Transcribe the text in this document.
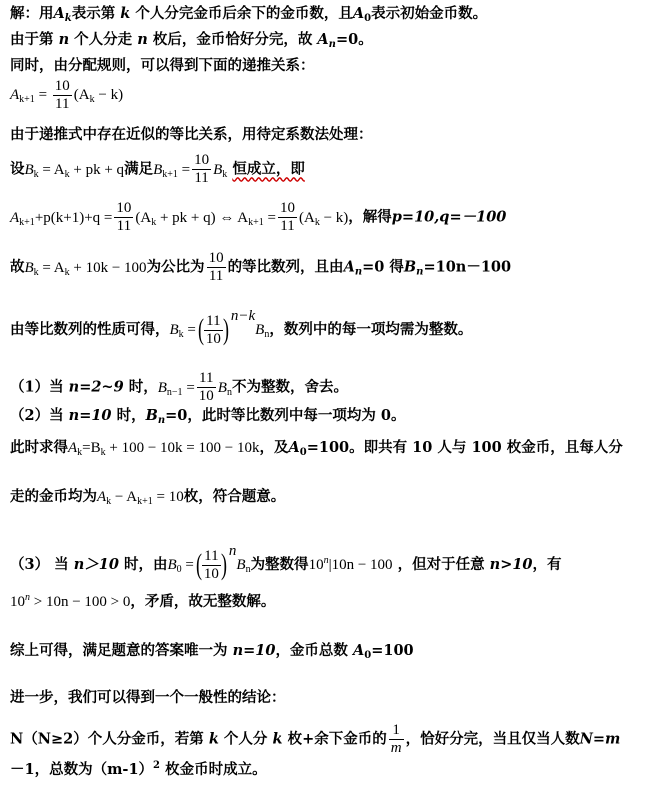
解：用$A_k$表示第 k 个人分完金币后余下的金币数，且$A_0$表示初始金币数。
由于第 n 个人分走 n 枚后，金币恰好分完，故 $A_n=0$。
同时，由分配规则，可以得到下面的递推关系：
$A_{k+1} = \frac{10}{11} (A_k - k)$
由于递推式中存在近似的等比关系，用待定系数法处理：
设$B_k = A_k$ + pk + q满足$B_{k+1} = \frac{10}{11} B_k$ 恒成立，即
$A_{k+1}+p(k+1)+q = \frac{10}{11} (A_k$ + pk + q) ⇔ $A_{k+1} = \frac{10}{11} (A_k - k)$，解得p=10,q=－100
故$B_k = A_k + 10k - 100$为公比为 $\frac{10}{11}$ 的等比数列，且由$A_n=0$ 得$B_n=10n-100$
由等比数列的性质可得，$B_k$ =( $\frac{11}{10}$ ) $^{n-k}B_n$，数列中的每一项均需为整数。
（1）当 n=2~9 时，$B_{n-1} = \frac{11}{10} B_n$不为整数，舍去。
（2）当 n=10 时，$B_n=0$，此时等比数列中每一项均为 0。
此时求得$A_k=B_k + 100 - 10k = 100 - 10k$，及$A_0=100$。即共有 10 人与 100 枚金币，且每人分
走的金币均为$A_k - A_{k+1} = 10$枚，符合题意。
（3） 当 n＞10 时，由$B_0$ =( $\frac{11}{10}$ ) $^nB_n$为整数得$10^n|10n - 100$ ，但对于任意 n>10，有
$10^n > 10n - 100 > 0$，矛盾，故无整数解。
综上可得，满足题意的答案唯一为 n=10，金币总数 $A_0=100$
进一步，我们可以得到一个一般性的结论：
N（N≥2）个人分金币，若第 k 个人分 k 枚+余下金币的 $\frac{1}{m}$ ，恰好分完，当且仅当人数N=m
－1，总数为$(m-1)^2$ 枚金币时成立。
